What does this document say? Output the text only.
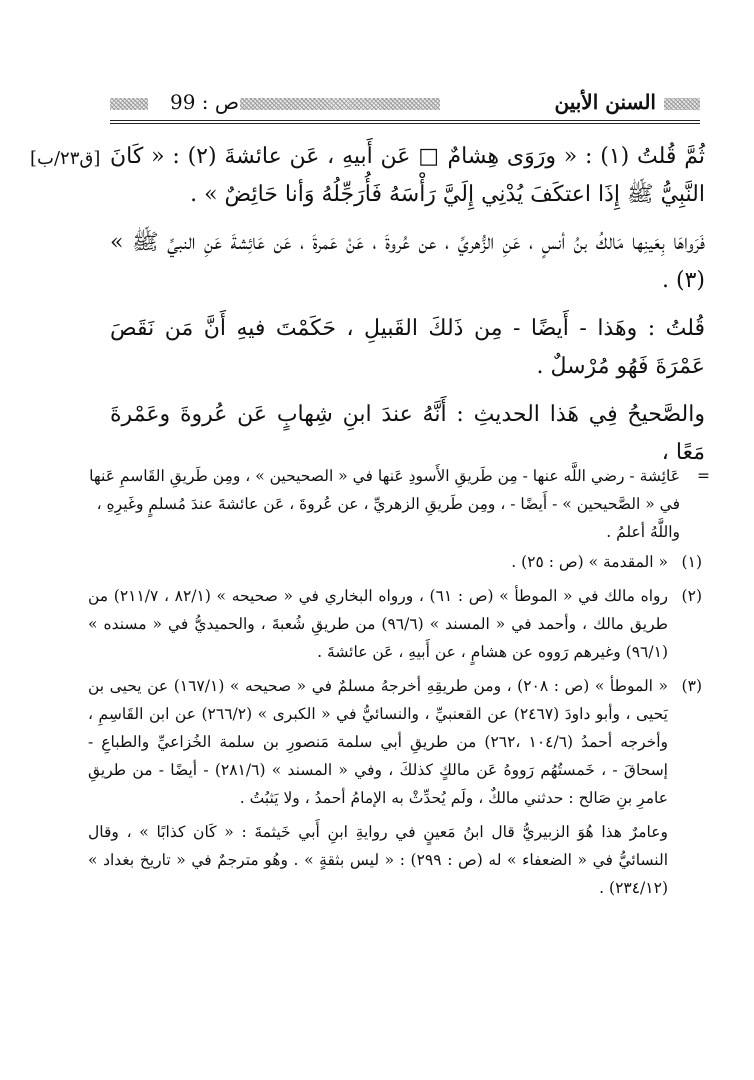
السنن الأبين
ص : 99
[ق٢٣/ب] ثُمَّ قُلتُ (١) : « ورَوَى هِشامٌ □ عَن أَبيهِ ، عَن عائشةَ (٢) : « كَانَ النَّبِيُّ ﷺ إِذَا اعتكَفَ يُدْنِي إِلَيَّ رَأْسَهُ فَأُرَجِّلُهُ وَأنا حَائِضٌ » .

فَرَواهَا بِعَينِها مَالكُ بنُ أنسٍ ، عَنِ الزُّهريِّ ، عن عُروةَ ، عَنْ عَمرةَ ، عَن عَائِشةَ عَنِ النبيِّ ﷺ » (٣) .

قُلتُ : وهَذا - أَيضًا - مِن ذَلكَ القَبيلِ ، حَكَمْتَ فيهِ أَنَّ مَن نَقَصَ عَمْرَةَ فَهُو مُرْسلٌ .

والصَّحيحُ فِي هَذا الحديثِ : أَنَّهُ عندَ ابنِ شِهابٍ عَن عُروةَ وعَمْرةَ مَعًا ،

=
عَائِشة - رضي اللَّه عنها - مِن طَريقِ الأَسودِ عَنها في « الصحيحين » ، ومِن طَريقِ القَاسمِ عَنها في « الصَّحيحين » - أَيضًا - ، ومِن طَريقِ الزهريِّ ، عن عُروةَ ، عَن عائشةَ عندَ مُسلمٍ وغَيرِهِ ، واللَّهُ أعلمُ .
(١)
« المقدمة » (ص : ٢٥) .
(٢)
رواه مالك في « الموطأ » (ص : ٦١) ، ورواه البخاري في « صحيحه » (٨٢/١ ، ٢١١/٧) من طريق مالك ، وأحمد في « المسند » (٩٦/٦) من طريقِ شُعبةَ ، والحميديُّ في « مسنده » (٩٦/١) وغيرهم رَووه عن هشامٍ ، عن أَبيهِ ، عَن عائشةَ .
(٣)
« الموطأ » (ص : ٢٠٨) ، ومن طريقِهِ أخرجهُ مسلمٌ في « صحيحه » (١٦٧/١) عن يحيى بن يَحيى ، وأبو داودَ (٢٤٦٧) عن القعنبيِّ ، والنسائيُّ في « الكبرى » (٢٦٦/٢) عن ابن القَاسِمِ ، وأخرجه أحمدُ (١٠٤/٦ ،٢٦٢) من طريقِ أبي سلمة مَنصورِ بن سلمة الخُزاعيِّ والطباعِ - إسحاقَ - ، خَمستُهُم رَووهُ عَن مالكٍ كذلكَ ، وفي « المسند » (٢٨١/٦) - أيضًا - من طريقِ عامرِ بنِ صَالح : حدثني مالكٌ ، ولَم يُحدِّثْ به الإمامُ أحمدُ ، ولا يَثبُتُ .
وعامرٌ هذا هُوَ الزبيريُّ قال ابنُ مَعينٍ في روايةِ ابنِ أَبي خَيثمةَ : « كَان كذابًا » ، وقال النسائيُّ في « الضعفاء » له (ص : ٢٩٩) : « ليس بثقةٍ » . وهُو مترجمٌ في « تاريخ بغداد » (٢٣٤/١٢) .
